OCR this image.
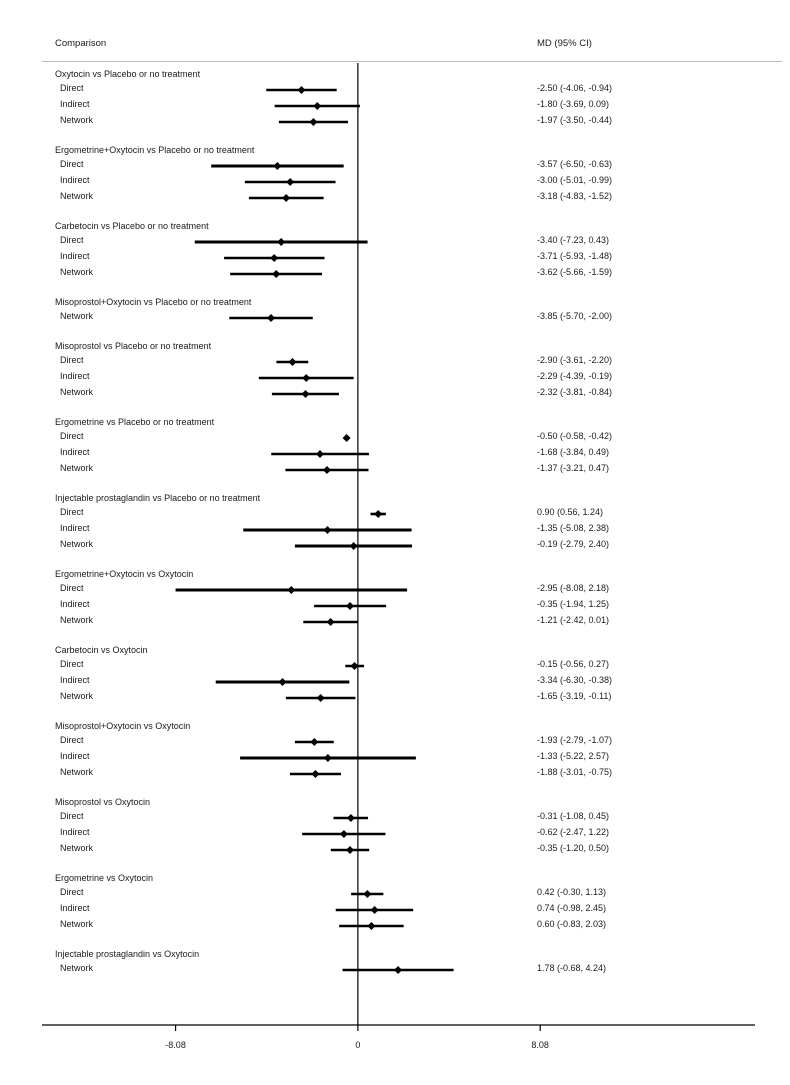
Comparison	MD (95% CI)
Oxytocin vs Placebo or no treatment
Direct	-2.50 (-4.06, -0.94)
Indirect	-1.80 (-3.69, 0.09)
Network	-1.97 (-3.50, -0.44)
Ergometrine+Oxytocin vs Placebo or no treatment
Direct	-3.57 (-6.50, -0.63)
Indirect	-3.00 (-5.01, -0.99)
Network	-3.18 (-4.83, -1.52)
Carbetocin vs Placebo or no treatment
Direct	-3.40 (-7.23, 0.43)
Indirect	-3.71 (-5.93, -1.48)
Network	-3.62 (-5.66, -1.59)
Misoprostol+Oxytocin vs Placebo or no treatment
Network	-3.85 (-5.70, -2.00)
Misoprostol vs Placebo or no treatment
Direct	-2.90 (-3.61, -2.20)
Indirect	-2.29 (-4.39, -0.19)
Network	-2.32 (-3.81, -0.84)
Ergometrine vs Placebo or no treatment
Direct	-0.50 (-0.58, -0.42)
Indirect	-1.68 (-3.84, 0.49)
Network	-1.37 (-3.21, 0.47)
Injectable prostaglandin vs Placebo or no treatment
Direct	0.90 (0.56, 1.24)
Indirect	-1.35 (-5.08, 2.38)
Network	-0.19 (-2.79, 2.40)
Ergometrine+Oxytocin vs Oxytocin
Direct	-2.95 (-8.08, 2.18)
Indirect	-0.35 (-1.94, 1.25)
Network	-1.21 (-2.42, 0.01)
Carbetocin vs Oxytocin
Direct	-0.15 (-0.56, 0.27)
Indirect	-3.34 (-6.30, -0.38)
Network	-1.65 (-3.19, -0.11)
Misoprostol+Oxytocin vs Oxytocin
Direct	-1.93 (-2.79, -1.07)
Indirect	-1.33 (-5.22, 2.57)
Network	-1.88 (-3.01, -0.75)
Misoprostol vs Oxytocin
Direct	-0.31 (-1.08, 0.45)
Indirect	-0.62 (-2.47, 1.22)
Network	-0.35 (-1.20, 0.50)
Ergometrine vs Oxytocin
Direct	0.42 (-0.30, 1.13)
Indirect	0.74 (-0.98, 2.45)
Network	0.60 (-0.83, 2.03)
Injectable prostaglandin vs Oxytocin
Network	1.78 (-0.68, 4.24)
-8.08	0	8.08
